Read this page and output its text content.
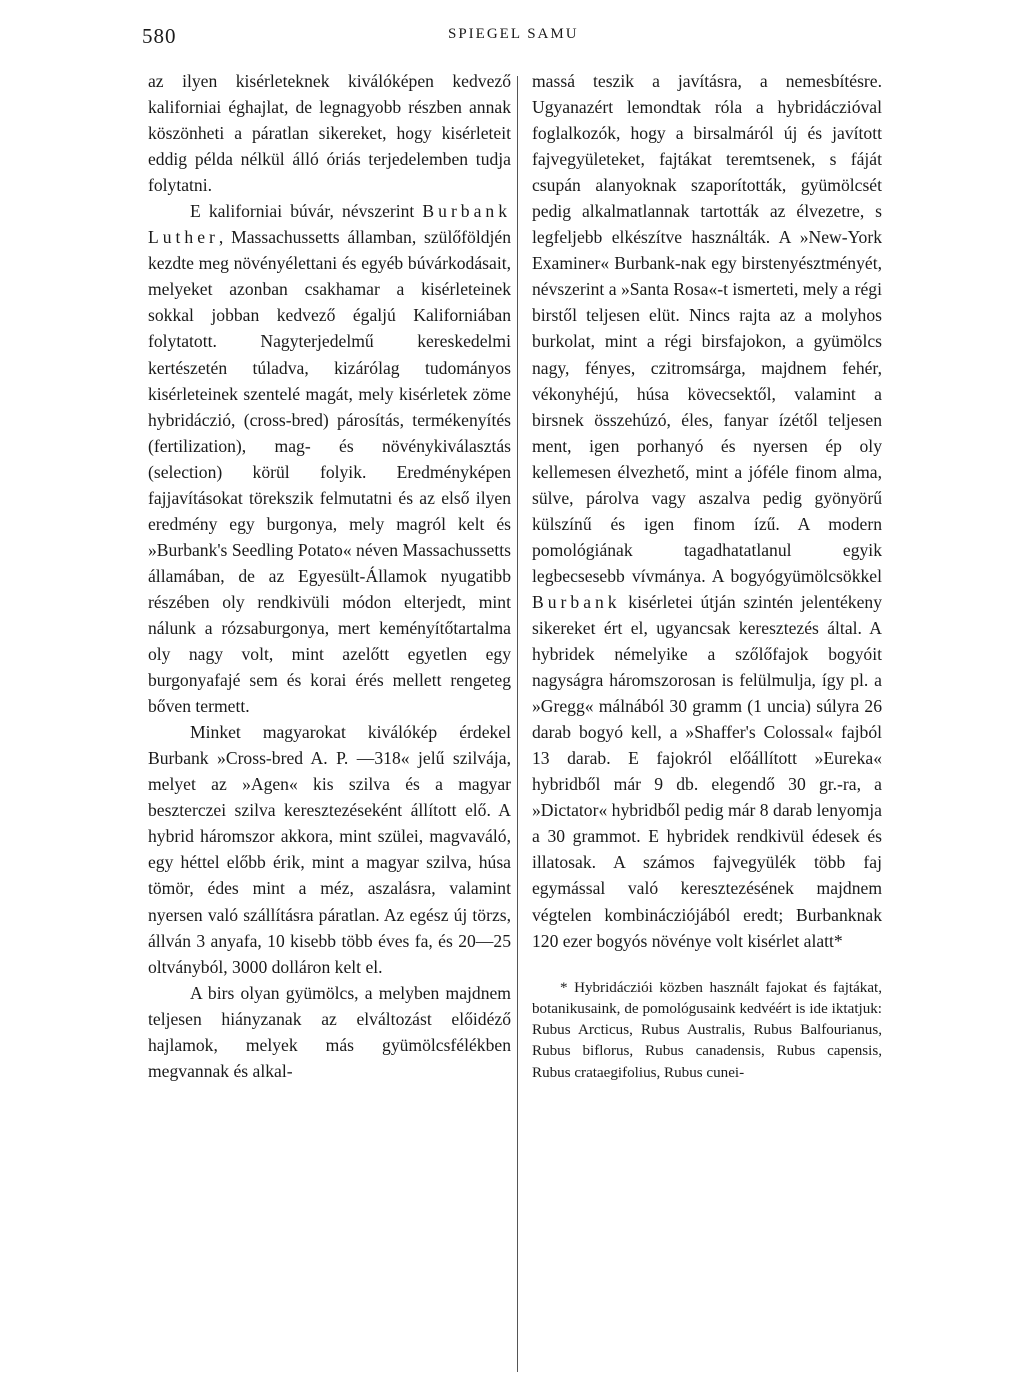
580	SPIEGEL SAMU

az ilyen kisérleteknek kiválóképen kedvező kaliforniai éghajlat, de legnagyobb részben annak köszönheti a páratlan sikereket, hogy kisérleteit eddig példa nélkül álló óriás terjedelemben tudja folytatni.

E kaliforniai búvár, névszerint Burbank Luther, Massachussetts államban, szülőföldjén kezdte meg növényélettani és egyéb búvárkodásait, melyeket azonban csakhamar a kisérleteinek sokkal jobban kedvező égaljú Kaliforniában folytatott. Nagyterjedelmű kereskedelmi kertészetén túladva, kizárólag tudományos kisérleteinek szentelé magát, mely kisérletek zöme hybridáczió, (cross-bred) párosítás, termékenyítés (fertilization), mag- és növénykiválasztás (selection) körül folyik. Eredményképen fajjavításokat törekszik felmutatni és az első ilyen eredmény egy burgonya, mely magról kelt és »Burbank's Seedling Potato« néven Massachussetts államában, de az Egyesült-Államok nyugatibb részében oly rendkivüli módon elterjedt, mint nálunk a rózsaburgonya, mert keményítőtartalma oly nagy volt, mint azelőtt egyetlen egy burgonyafajé sem és korai érés mellett rengeteg bőven termett.

Minket magyarokat kiválókép érdekel Burbank »Cross-bred A. P. —318« jelű szilvája, melyet az »Agen« kis szilva és a magyar beszterczei szilva keresztezéseként állított elő. A hybrid háromszor akkora, mint szülei, magvaváló, egy héttel előbb érik, mint a magyar szilva, húsa tömör, édes mint a méz, aszalásra, valamint nyersen való szállításra páratlan. Az egész új törzs, állván 3 anyafa, 10 kisebb több éves fa, és 20—25 oltványból, 3000 dolláron kelt el.

A birs olyan gyümölcs, a melyben majdnem teljesen hiányzanak az elváltozást előidéző hajlamok, melyek más gyümölcsfélékben megvannak és alkal-

massá teszik a javításra, a nemesbítésre. Ugyanazért lemondtak róla a hybridáczióval foglalkozók, hogy a birsalmáról új és javított fajvegyületeket, fajtákat teremtsenek, s fáját csupán alanyoknak szaporították, gyümölcsét pedig alkalmatlannak tartották az élvezetre, s legfeljebb elkészítve használták. A »New-York Examiner« Burbank-nak egy birstenyésztményét, névszerint a »Santa Rosa«-t ismerteti, mely a régi birstől teljesen elüt. Nincs rajta az a molyhos burkolat, mint a régi birsfajokon, a gyümölcs nagy, fényes, czitromsárga, majdnem fehér, vékonyhéjú, húsa kövecsektől, valamint a birsnek összehúzó, éles, fanyar ízétől teljesen ment, igen porhanyó és nyersen ép oly kellemesen élvezhető, mint a jóféle finom alma, sülve, párolva vagy aszalva pedig gyönyörű külszínű és igen finom ízű. A modern pomológiának tagadhatatlanul egyik legbecsesebb vívmánya. A bogyógyümölcsökkel Burbank kisérletei útján szintén jelentékeny sikereket ért el, ugyancsak keresztezés által. A hybridek némelyike a szőlőfajok bogyóit nagyságra háromszorosan is felülmulja, így pl. a »Gregg« málnából 30 gramm (1 uncia) súlyra 26 darab bogyó kell, a »Shaffer's Colossal« fajból 13 darab. E fajokról előállított »Eureka« hybridből már 9 db. elegendő 30 gr.-ra, a »Dictator« hybridből pedig már 8 darab lenyomja a 30 grammot. E hybridek rendkivül édesek és illatosak. A számos fajvegyülék több faj egymással való keresztezésének majdnem végtelen kombinácziójából eredt; Burbanknak 120 ezer bogyós növénye volt kisérlet alatt*

* Hybridácziói közben használt fajokat és fajtákat, botanikusaink, de pomológusaink kedvéért is ide iktatjuk: Rubus Arcticus, Rubus Australis, Rubus Balfourianus, Rubus biflorus, Rubus canadensis, Rubus capensis, Rubus crataegifolius, Rubus cunei-
